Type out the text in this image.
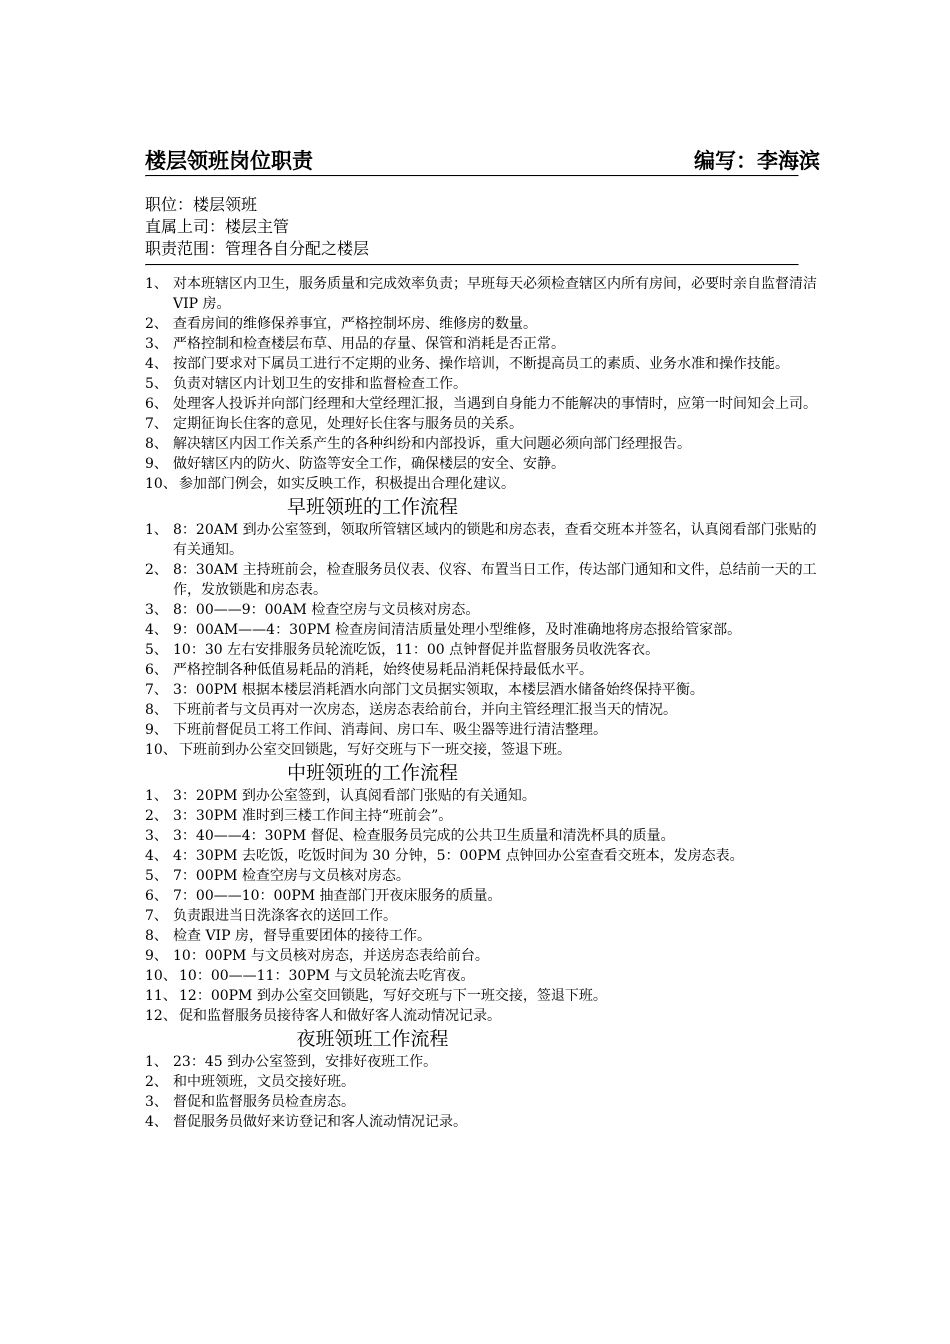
楼层领班岗位职责	编写：李海滨
职位：楼层领班
直属上司：楼层主管
职责范围：管理各自分配之楼层
1、 对本班辖区内卫生，服务质量和完成效率负责；早班每天必须检查辖区内所有房间，必要时亲自监督清洁 VIP 房。
2、 查看房间的维修保养事宜，严格控制坏房、维修房的数量。
3、 严格控制和检查楼层布草、用品的存量、保管和消耗是否正常。
4、 按部门要求对下属员工进行不定期的业务、操作培训，不断提高员工的素质、业务水准和操作技能。
5、 负责对辖区内计划卫生的安排和监督检查工作。
6、 处理客人投诉并向部门经理和大堂经理汇报，当遇到自身能力不能解决的事情时，应第一时间知会上司。
7、 定期征询长住客的意见，处理好长住客与服务员的关系。
8、 解决辖区内因工作关系产生的各种纠纷和内部投诉，重大问题必须向部门经理报告。
9、 做好辖区内的防火、防盗等安全工作，确保楼层的安全、安静。
10、 参加部门例会，如实反映工作，积极提出合理化建议。
早班领班的工作流程
1、 8：20AM 到办公室签到，领取所管辖区域内的锁匙和房态表，查看交班本并签名，认真阅看部门张贴的有关通知。
2、 8：30AM 主持班前会，检查服务员仪表、仪容、布置当日工作，传达部门通知和文件，总结前一天的工作，发放锁匙和房态表。
3、 8：00——9：00AM 检查空房与文员核对房态。
4、 9：00AM——4：30PM 检查房间清洁质量处理小型维修，及时准确地将房态报给管家部。
5、 10：30 左右安排服务员轮流吃饭，11：00 点钟督促并监督服务员收洗客衣。
6、 严格控制各种低值易耗品的消耗，始终使易耗品消耗保持最低水平。
7、 3：00PM 根据本楼层消耗酒水向部门文员据实领取，本楼层酒水储备始终保持平衡。
8、 下班前者与文员再对一次房态，送房态表给前台，并向主管经理汇报当天的情况。
9、 下班前督促员工将工作间、消毒间、房口车、吸尘器等进行清洁整理。
10、 下班前到办公室交回锁匙，写好交班与下一班交接，签退下班。
中班领班的工作流程
1、 3：20PM 到办公室签到，认真阅看部门张贴的有关通知。
2、 3：30PM 准时到三楼工作间主持“班前会”。
3、 3：40——4：30PM 督促、检查服务员完成的公共卫生质量和清洗杯具的质量。
4、 4：30PM 去吃饭，吃饭时间为 30 分钟，5：00PM 点钟回办公室查看交班本，发房态表。
5、 7：00PM 检查空房与文员核对房态。
6、 7：00——10：00PM 抽查部门开夜床服务的质量。
7、 负责跟进当日洗涤客衣的送回工作。
8、 检查 VIP 房，督导重要团体的接待工作。
9、 10：00PM 与文员核对房态，并送房态表给前台。
10、 10：00——11：30PM 与文员轮流去吃宵夜。
11、 12：00PM 到办公室交回锁匙，写好交班与下一班交接，签退下班。
12、 促和监督服务员接待客人和做好客人流动情况记录。
夜班领班工作流程
1、 23：45 到办公室签到，安排好夜班工作。
2、 和中班领班，文员交接好班。
3、 督促和监督服务员检查房态。
4、 督促服务员做好来访登记和客人流动情况记录。
